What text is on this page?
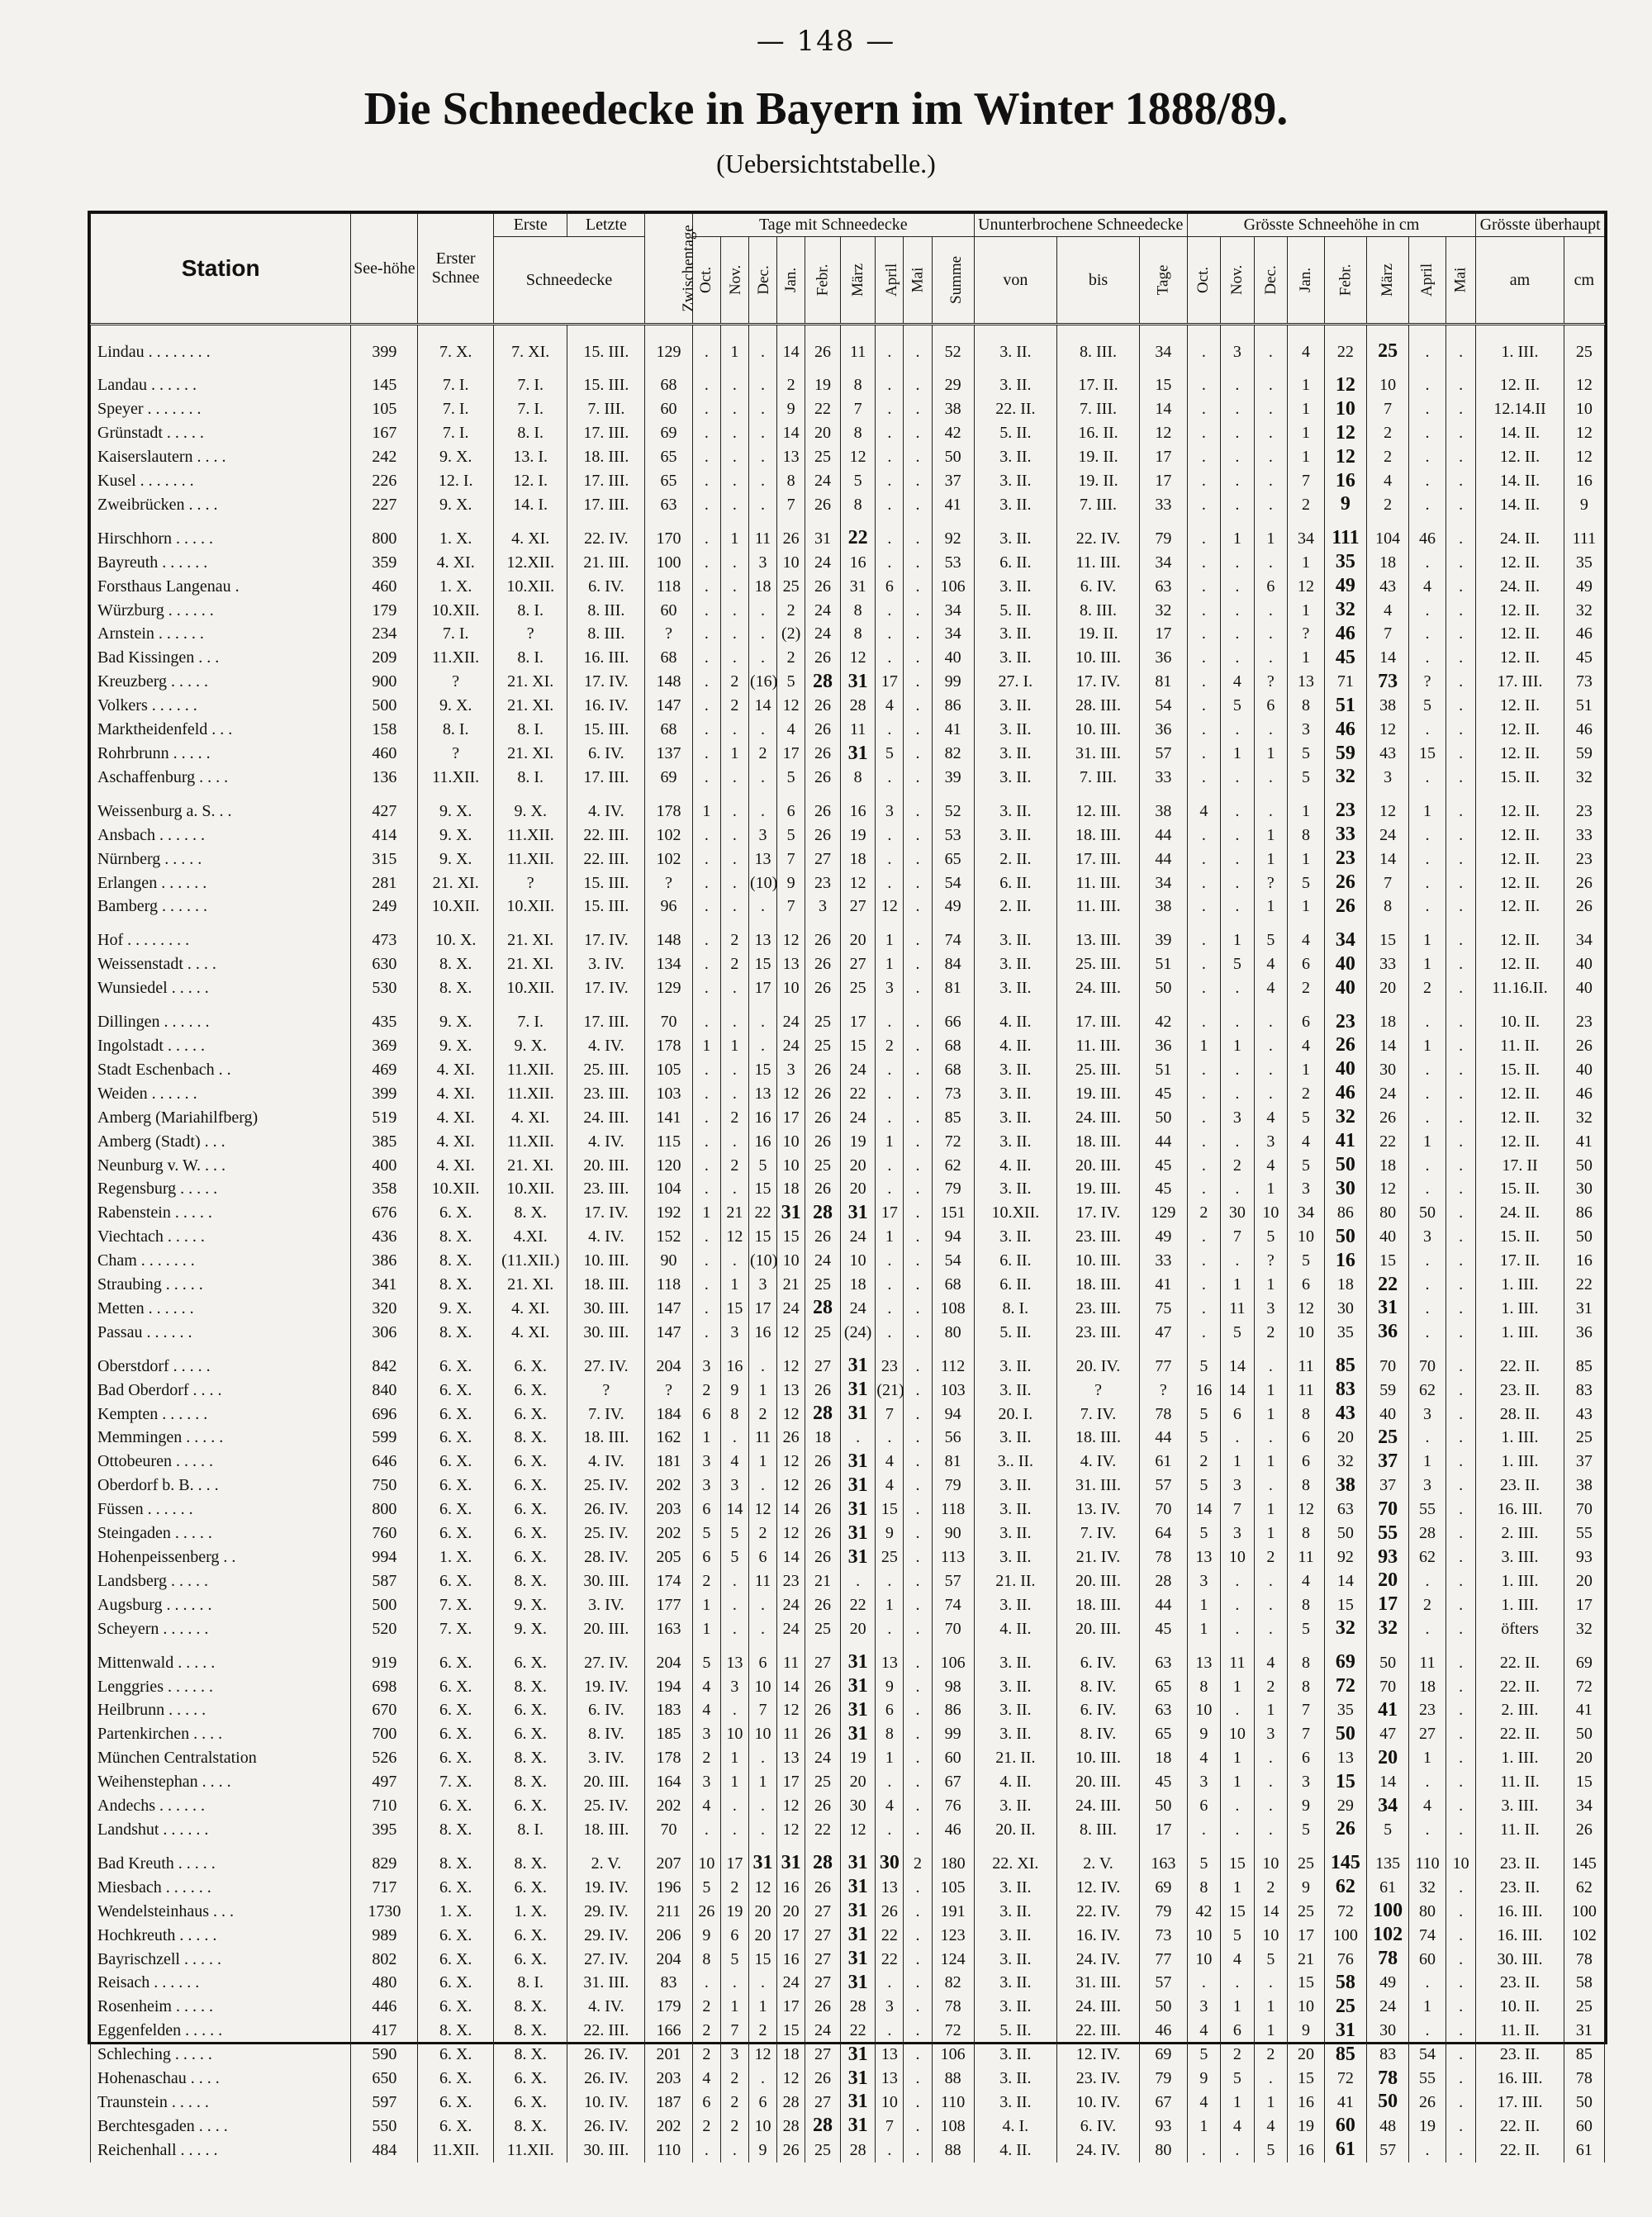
— 148 —
Die Schneedecke in Bayern im Winter 1888/89.
(Uebersichtstabelle.)
Station	See-höhe	Erster Schnee	Erste	Letzte	Zwischentage	Tage mit Schneedecke									Ununterbrochene Schneedecke			Grösste Schneehöhe in cm								Grösste überhaupt	
			Schneedecke			Oct.	Nov.	Dec.	Jan.	Febr.	März	April	Mai	Summe	von	bis	Tage	Oct.	Nov.	Dec.	Jan.	Febr.	März	April	Mai	am	cm
Lindau . . . . . . . .	399	7. X.	7. XI.	15. III.	129	.	1	.	14	26	11	.	.	52	3. II.	8. III.	34	.	3	.	4	22	25	.	.	1. III.	25
Landau . . . . . .	145	7. I.	7. I.	15. III.	68	.	.	.	2	19	8	.	.	29	3. II.	17. II.	15	.	.	.	1	12	10	.	.	12. II.	12
Speyer . . . . . . .	105	7. I.	7. I.	7. III.	60	.	.	.	9	22	7	.	.	38	22. II.	7. III.	14	.	.	.	1	10	7	.	.	12.14.II	10
Grünstadt . . . . .	167	7. I.	8. I.	17. III.	69	.	.	.	14	20	8	.	.	42	5. II.	16. II.	12	.	.	.	1	12	2	.	.	14. II.	12
Kaiserslautern . . . .	242	9. X.	13. I.	18. III.	65	.	.	.	13	25	12	.	.	50	3. II.	19. II.	17	.	.	.	1	12	2	.	.	12. II.	12
Kusel . . . . . . .	226	12. I.	12. I.	17. III.	65	.	.	.	8	24	5	.	.	37	3. II.	19. II.	17	.	.	.	7	16	4	.	.	14. II.	16
Zweibrücken . . . .	227	9. X.	14. I.	17. III.	63	.	.	.	7	26	8	.	.	41	3. II.	7. III.	33	.	.	.	2	9	2	.	.	14. II.	9
Hirschhorn . . . . .	800	1. X.	4. XI.	22. IV.	170	.	1	11	26	31	22	.	.	92	3. II.	22. IV.	79	.	1	1	34	111	104	46	.	24. II.	111
Bayreuth . . . . . .	359	4. XI.	12.XII.	21. III.	100	.	.	3	10	24	16	.	.	53	6. II.	11. III.	34	.	.	.	1	35	18	.	.	12. II.	35
Forsthaus Langenau .	460	1. X.	10.XII.	6. IV.	118	.	.	18	25	26	31	6	.	106	3. II.	6. IV.	63	.	.	6	12	49	43	4	.	24. II.	49
Würzburg . . . . . .	179	10.XII.	8. I.	8. III.	60	.	.	.	2	24	8	.	.	34	5. II.	8. III.	32	.	.	.	1	32	4	.	.	12. II.	32
Arnstein . . . . . .	234	7. I.	?	8. III.	?	.	.	.	(2)	24	8	.	.	34	3. II.	19. II.	17	.	.	.	?	46	7	.	.	12. II.	46
Bad Kissingen . . .	209	11.XII.	8. I.	16. III.	68	.	.	.	2	26	12	.	.	40	3. II.	10. III.	36	.	.	.	1	45	14	.	.	12. II.	45
Kreuzberg . . . . .	900	?	21. XI.	17. IV.	148	.	2	(16)	5	28	31	17	.	99	27. I.	17. IV.	81	.	4	?	13	71	73	?	.	17. III.	73
Volkers . . . . . .	500	9. X.	21. XI.	16. IV.	147	.	2	14	12	26	28	4	.	86	3. II.	28. III.	54	.	5	6	8	51	38	5	.	12. II.	51
Marktheidenfeld . . .	158	8. I.	8. I.	15. III.	68	.	.	.	4	26	11	.	.	41	3. II.	10. III.	36	.	.	.	3	46	12	.	.	12. II.	46
Rohrbrunn . . . . .	460	?	21. XI.	6. IV.	137	.	1	2	17	26	31	5	.	82	3. II.	31. III.	57	.	1	1	5	59	43	15	.	12. II.	59
Aschaffenburg . . . .	136	11.XII.	8. I.	17. III.	69	.	.	.	5	26	8	.	.	39	3. II.	7. III.	33	.	.	.	5	32	3	.	.	15. II.	32
Weissenburg a. S. . .	427	9. X.	9. X.	4. IV.	178	1	.	.	6	26	16	3	.	52	3. II.	12. III.	38	4	.	.	1	23	12	1	.	12. II.	23
Ansbach . . . . . .	414	9. X.	11.XII.	22. III.	102	.	.	3	5	26	19	.	.	53	3. II.	18. III.	44	.	.	1	8	33	24	.	.	12. II.	33
Nürnberg . . . . .	315	9. X.	11.XII.	22. III.	102	.	.	13	7	27	18	.	.	65	2. II.	17. III.	44	.	.	1	1	23	14	.	.	12. II.	23
Erlangen . . . . . .	281	21. XI.	?	15. III.	?	.	.	(10)	9	23	12	.	.	54	6. II.	11. III.	34	.	.	?	5	26	7	.	.	12. II.	26
Bamberg . . . . . .	249	10.XII.	10.XII.	15. III.	96	.	.	.	7	3	27	12	.	49	2. II.	11. III.	38	.	.	1	1	26	8	.	.	12. II.	26
Hof . . . . . . . .	473	10. X.	21. XI.	17. IV.	148	.	2	13	12	26	20	1	.	74	3. II.	13. III.	39	.	1	5	4	34	15	1	.	12. II.	34
Weissenstadt . . . .	630	8. X.	21. XI.	3. IV.	134	.	2	15	13	26	27	1	.	84	3. II.	25. III.	51	.	5	4	6	40	33	1	.	12. II.	40
Wunsiedel . . . . .	530	8. X.	10.XII.	17. IV.	129	.	.	17	10	26	25	3	.	81	3. II.	24. III.	50	.	.	4	2	40	20	2	.	11.16.II.	40
Dillingen . . . . . .	435	9. X.	7. I.	17. III.	70	.	.	.	24	25	17	.	.	66	4. II.	17. III.	42	.	.	.	6	23	18	.	.	10. II.	23
Ingolstadt . . . . .	369	9. X.	9. X.	4. IV.	178	1	1	.	24	25	15	2	.	68	4. II.	11. III.	36	1	1	.	4	26	14	1	.	11. II.	26
Stadt Eschenbach . .	469	4. XI.	11.XII.	25. III.	105	.	.	15	3	26	24	.	.	68	3. II.	25. III.	51	.	.	.	1	40	30	.	.	15. II.	40
Weiden . . . . . .	399	4. XI.	11.XII.	23. III.	103	.	.	13	12	26	22	.	.	73	3. II.	19. III.	45	.	.	.	2	46	24	.	.	12. II.	46
Amberg (Mariahilfberg)	519	4. XI.	4. XI.	24. III.	141	.	2	16	17	26	24	.	.	85	3. II.	24. III.	50	.	3	4	5	32	26	.	.	12. II.	32
Amberg (Stadt) . . .	385	4. XI.	11.XII.	4. IV.	115	.	.	16	10	26	19	1	.	72	3. II.	18. III.	44	.	.	3	4	41	22	1	.	12. II.	41
Neunburg v. W. . . .	400	4. XI.	21. XI.	20. III.	120	.	2	5	10	25	20	.	.	62	4. II.	20. III.	45	.	2	4	5	50	18	.	.	17. II	50
Regensburg . . . . .	358	10.XII.	10.XII.	23. III.	104	.	.	15	18	26	20	.	.	79	3. II.	19. III.	45	.	.	1	3	30	12	.	.	15. II.	30
Rabenstein . . . . .	676	6. X.	8. X.	17. IV.	192	1	21	22	31	28	31	17	.	151	10.XII.	17. IV.	129	2	30	10	34	86	80	50	.	24. II.	86
Viechtach . . . . .	436	8. X.	4.XI.	4. IV.	152	.	12	15	15	26	24	1	.	94	3. II.	23. III.	49	.	7	5	10	50	40	3	.	15. II.	50
Cham . . . . . . .	386	8. X.	(11.XII.)	10. III.	90	.	.	(10)	10	24	10	.	.	54	6. II.	10. III.	33	.	.	?	5	16	15	.	.	17. II.	16
Straubing . . . . .	341	8. X.	21. XI.	18. III.	118	.	1	3	21	25	18	.	.	68	6. II.	18. III.	41	.	1	1	6	18	22	.	.	1. III.	22
Metten . . . . . .	320	9. X.	4. XI.	30. III.	147	.	15	17	24	28	24	.	.	108	8. I.	23. III.	75	.	11	3	12	30	31	.	.	1. III.	31
Passau . . . . . .	306	8. X.	4. XI.	30. III.	147	.	3	16	12	25	(24)	.	.	80	5. II.	23. III.	47	.	5	2	10	35	36	.	.	1. III.	36
Oberstdorf . . . . .	842	6. X.	6. X.	27. IV.	204	3	16	.	12	27	31	23	.	112	3. II.	20. IV.	77	5	14	.	11	85	70	70	.	22. II.	85
Bad Oberdorf . . . .	840	6. X.	6. X.	?	?	2	9	1	13	26	31	(21)	.	103	3. II.	?	?	16	14	1	11	83	59	62	.	23. II.	83
Kempten . . . . . .	696	6. X.	6. X.	7. IV.	184	6	8	2	12	28	31	7	.	94	20. I.	7. IV.	78	5	6	1	8	43	40	3	.	28. II.	43
Memmingen . . . . .	599	6. X.	8. X.	18. III.	162	1	.	11	26	18	.	.	.	56	3. II.	18. III.	44	5	.	.	6	20	25	.	.	1. III.	25
Ottobeuren . . . . .	646	6. X.	6. X.	4. IV.	181	3	4	1	12	26	31	4	.	81	3.. II.	4. IV.	61	2	1	1	6	32	37	1	.	1. III.	37
Oberdorf b. B. . . .	750	6. X.	6. X.	25. IV.	202	3	3	.	12	26	31	4	.	79	3. II.	31. III.	57	5	3	.	8	38	37	3	.	23. II.	38
Füssen . . . . . .	800	6. X.	6. X.	26. IV.	203	6	14	12	14	26	31	15	.	118	3. II.	13. IV.	70	14	7	1	12	63	70	55	.	16. III.	70
Steingaden . . . . .	760	6. X.	6. X.	25. IV.	202	5	5	2	12	26	31	9	.	90	3. II.	7. IV.	64	5	3	1	8	50	55	28	.	2. III.	55
Hohenpeissenberg . .	994	1. X.	6. X.	28. IV.	205	6	5	6	14	26	31	25	.	113	3. II.	21. IV.	78	13	10	2	11	92	93	62	.	3. III.	93
Landsberg . . . . .	587	6. X.	8. X.	30. III.	174	2	.	11	23	21	.	.	.	57	21. II.	20. III.	28	3	.	.	4	14	20	.	.	1. III.	20
Augsburg . . . . . .	500	7. X.	9. X.	3. IV.	177	1	.	.	24	26	22	1	.	74	3. II.	18. III.	44	1	.	.	8	15	17	2	.	1. III.	17
Scheyern . . . . . .	520	7. X.	9. X.	20. III.	163	1	.	.	24	25	20	.	.	70	4. II.	20. III.	45	1	.	.	5	32	32	.	.	öfters	32
Mittenwald . . . . .	919	6. X.	6. X.	27. IV.	204	5	13	6	11	27	31	13	.	106	3. II.	6. IV.	63	13	11	4	8	69	50	11	.	22. II.	69
Lenggries . . . . . .	698	6. X.	8. X.	19. IV.	194	4	3	10	14	26	31	9	.	98	3. II.	8. IV.	65	8	1	2	8	72	70	18	.	22. II.	72
Heilbrunn . . . . .	670	6. X.	6. X.	6. IV.	183	4	.	7	12	26	31	6	.	86	3. II.	6. IV.	63	10	.	1	7	35	41	23	.	2. III.	41
Partenkirchen . . . .	700	6. X.	6. X.	8. IV.	185	3	10	10	11	26	31	8	.	99	3. II.	8. IV.	65	9	10	3	7	50	47	27	.	22. II.	50
München Centralstation	526	6. X.	8. X.	3. IV.	178	2	1	.	13	24	19	1	.	60	21. II.	10. III.	18	4	1	.	6	13	20	1	.	1. III.	20
Weihenstephan . . . .	497	7. X.	8. X.	20. III.	164	3	1	1	17	25	20	.	.	67	4. II.	20. III.	45	3	1	.	3	15	14	.	.	11. II.	15
Andechs . . . . . .	710	6. X.	6. X.	25. IV.	202	4	.	.	12	26	30	4	.	76	3. II.	24. III.	50	6	.	.	9	29	34	4	.	3. III.	34
Landshut . . . . . .	395	8. X.	8. I.	18. III.	70	.	.	.	12	22	12	.	.	46	20. II.	8. III.	17	.	.	.	5	26	5	.	.	11. II.	26
Bad Kreuth . . . . .	829	8. X.	8. X.	2. V.	207	10	17	31	31	28	31	30	2	180	22. XI.	2. V.	163	5	15	10	25	145	135	110	10	23. II.	145
Miesbach . . . . . .	717	6. X.	6. X.	19. IV.	196	5	2	12	16	26	31	13	.	105	3. II.	12. IV.	69	8	1	2	9	62	61	32	.	23. II.	62
Wendelsteinhaus . . .	1730	1. X.	1. X.	29. IV.	211	26	19	20	20	27	31	26	.	191	3. II.	22. IV.	79	42	15	14	25	72	100	80	.	16. III.	100
Hochkreuth . . . . .	989	6. X.	6. X.	29. IV.	206	9	6	20	17	27	31	22	.	123	3. II.	16. IV.	73	10	5	10	17	100	102	74	.	16. III.	102
Bayrischzell . . . . .	802	6. X.	6. X.	27. IV.	204	8	5	15	16	27	31	22	.	124	3. II.	24. IV.	77	10	4	5	21	76	78	60	.	30. III.	78
Reisach . . . . . .	480	6. X.	8. I.	31. III.	83	.	.	.	24	27	31	.	.	82	3. II.	31. III.	57	.	.	.	15	58	49	.	.	23. II.	58
Rosenheim . . . . .	446	6. X.	8. X.	4. IV.	179	2	1	1	17	26	28	3	.	78	3. II.	24. III.	50	3	1	1	10	25	24	1	.	10. II.	25
Eggenfelden . . . . .	417	8. X.	8. X.	22. III.	166	2	7	2	15	24	22	.	.	72	5. II.	22. III.	46	4	6	1	9	31	30	.	.	11. II.	31
Schleching . . . . .	590	6. X.	8. X.	26. IV.	201	2	3	12	18	27	31	13	.	106	3. II.	12. IV.	69	5	2	2	20	85	83	54	.	23. II.	85
Hohenaschau . . . .	650	6. X.	6. X.	26. IV.	203	4	2	.	12	26	31	13	.	88	3. II.	23. IV.	79	9	5	.	15	72	78	55	.	16. III.	78
Traunstein . . . . .	597	6. X.	6. X.	10. IV.	187	6	2	6	28	27	31	10	.	110	3. II.	10. IV.	67	4	1	1	16	41	50	26	.	17. III.	50
Berchtesgaden . . . .	550	6. X.	8. X.	26. IV.	202	2	2	10	28	28	31	7	.	108	4. I.	6. IV.	93	1	4	4	19	60	48	19	.	22. II.	60
Reichenhall . . . . .	484	11.XII.	11.XII.	30. III.	110	.	.	9	26	25	28	.	.	88	4. II.	24. IV.	80	.	.	5	16	61	57	.	.	22. II.	61
